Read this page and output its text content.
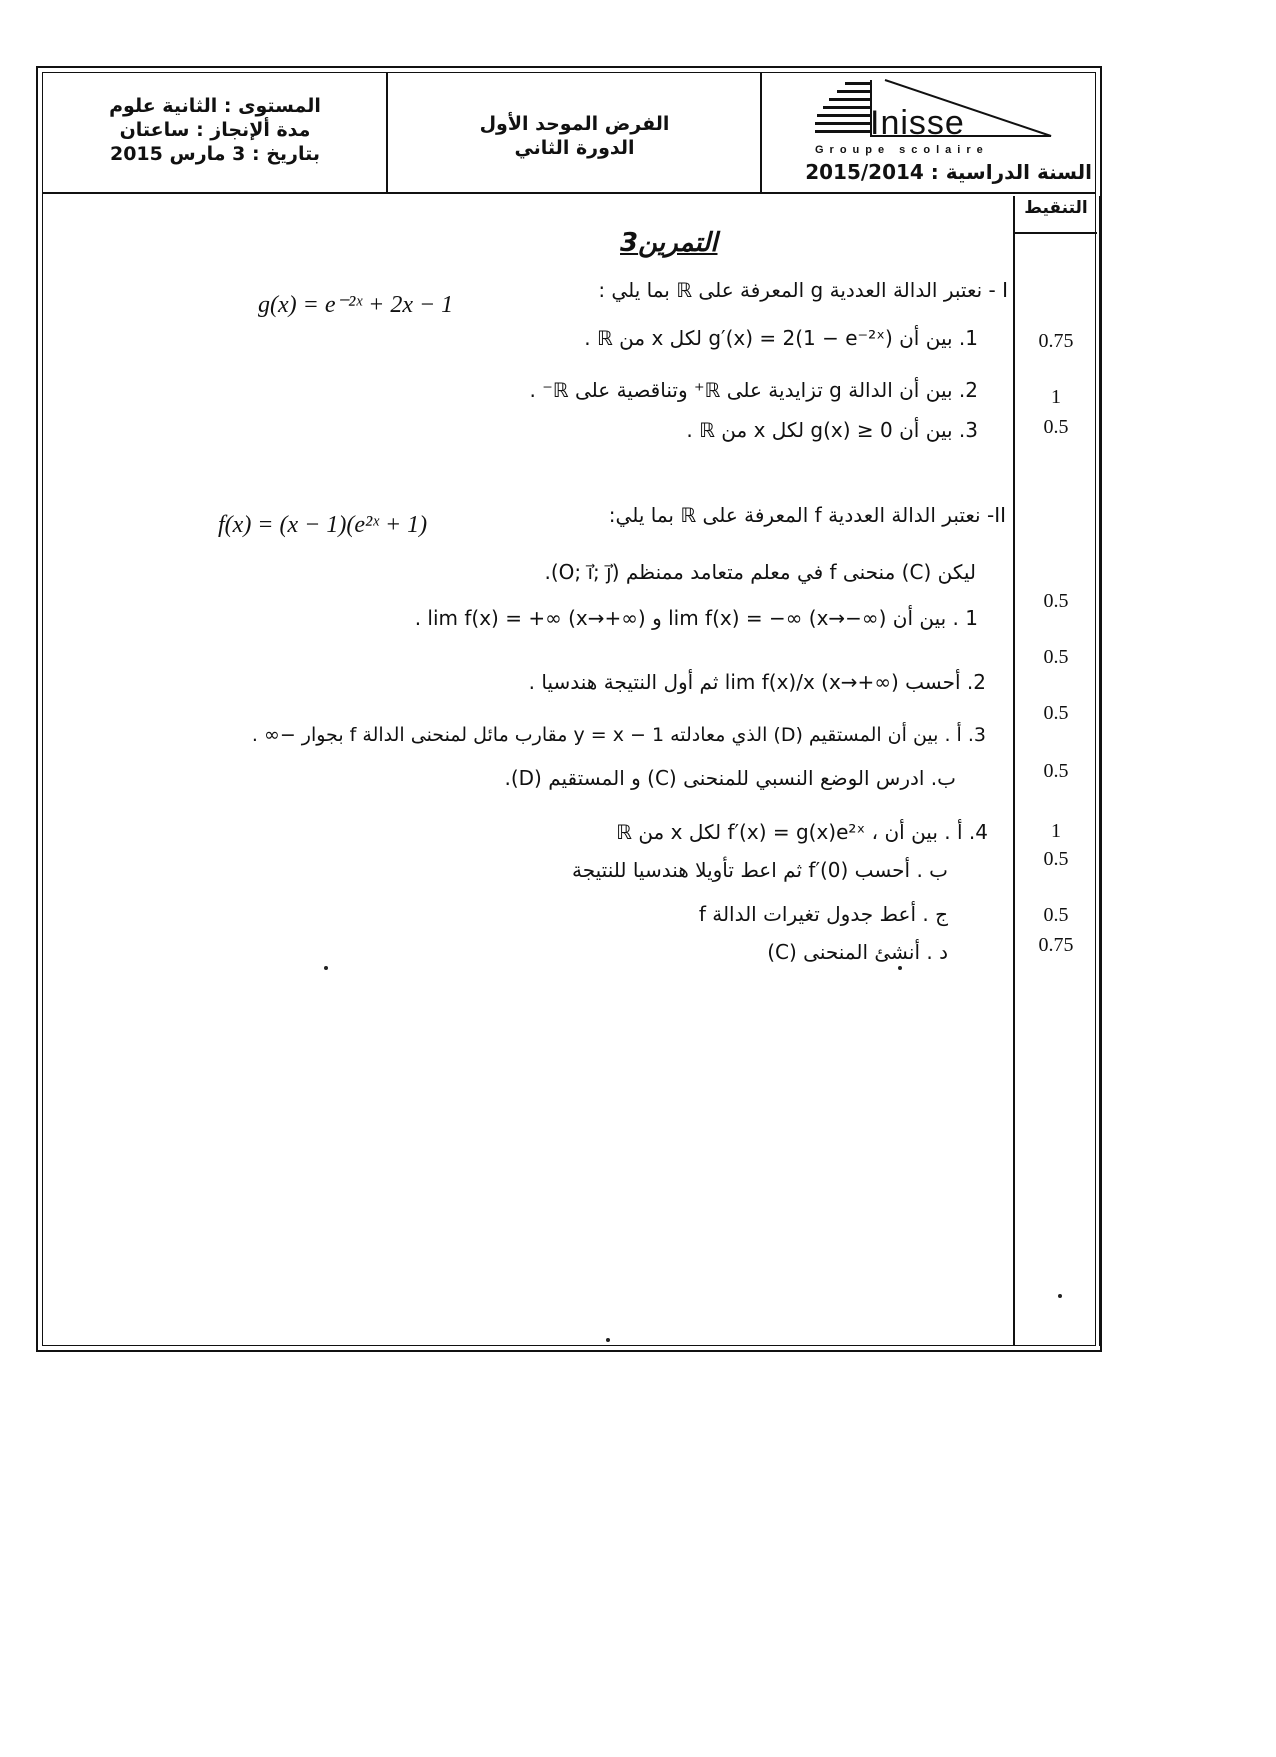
المستوى : الثانية علوم
مدة ألإنجاز : ساعتان
بتاريخ : 3 مارس 2015
الفرض الموحد الأول
الدورة الثاني
Inisse
Groupe scolaire
السنة الدراسية : 2015/2014
التنقيط
التمرين3
I - نعتبر الدالة العددية g المعرفة على ℝ بما يلي :
g(x) = e⁻²ˣ + 2x − 1
1. بين أن g′(x) = 2(1 − e⁻²ˣ) لكل x من ℝ .
2. بين أن الدالة g تزايدية على ℝ⁺ وتناقصية على ℝ⁻ .
3. بين أن g(x) ≥ 0 لكل x من ℝ .
II- نعتبر الدالة العددية f المعرفة على ℝ بما يلي:
f(x) = (x − 1)(e²ˣ + 1)
ليكن (C) منحنى f في معلم متعامد ممنظم (O; i⃗; j⃗).
1 . بين أن lim f(x) = −∞ (x→−∞) و lim f(x) = +∞ (x→+∞) .
2. أحسب lim f(x)/x (x→+∞) ثم أول النتيجة هندسيا .
3. أ . بين أن المستقيم (D) الذي معادلته y = x − 1 مقارب مائل لمنحنى الدالة f بجوار −∞ .
ب. ادرس الوضع النسبي للمنحنى (C) و المستقيم (D).
4. أ . بين أن ، f′(x) = g(x)e²ˣ لكل x من ℝ
ب . أحسب f′(0) ثم اعط تأويلا هندسيا للنتيجة
ج . أعط جدول تغيرات الدالة f
د . أنشئ المنحنى (C)
0.75
1
0.5
0.5
0.5
0.5
0.5
1
0.5
0.5
0.75
